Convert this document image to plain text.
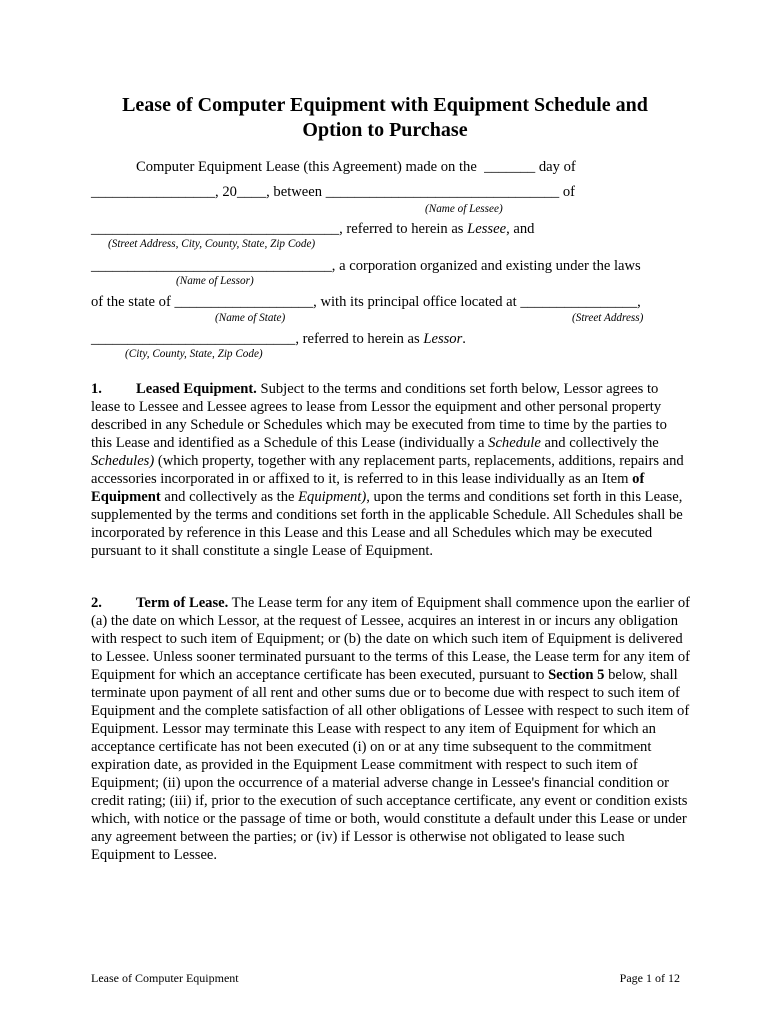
Lease of Computer Equipment with Equipment Schedule and
Option to Purchase
Computer Equipment Lease (this Agreement) made on the _______ day of
_________________, 20____, between ________________________________ of
(Name of Lessee)
__________________________________, referred to herein as Lessee, and
(Street Address, City, County, State, Zip Code)
_________________________________, a corporation organized and existing under the laws
(Name of Lessor)
of the state of ___________________, with its principal office located at ________________,
(Name of State)	(Street Address)
____________________________, referred to herein as Lessor.
(City, County, State, Zip Code)

1. Leased Equipment. Subject to the terms and conditions set forth below, Lessor agrees to lease to Lessee and Lessee agrees to lease from Lessor the equipment and other personal property described in any Schedule or Schedules which may be executed from time to time by the parties to this Lease and identified as a Schedule of this Lease (individually a Schedule and collectively the Schedules) (which property, together with any replacement parts, replacements, additions, repairs and accessories incorporated in or affixed to it, is referred to in this lease individually as an Item of Equipment and collectively as the Equipment), upon the terms and conditions set forth in this Lease, supplemented by the terms and conditions set forth in the applicable Schedule. All Schedules shall be incorporated by reference in this Lease and this Lease and all Schedules which may be executed pursuant to it shall constitute a single Lease of Equipment.

2. Term of Lease. The Lease term for any item of Equipment shall commence upon the earlier of (a) the date on which Lessor, at the request of Lessee, acquires an interest in or incurs any obligation with respect to such item of Equipment; or (b) the date on which such item of Equipment is delivered to Lessee. Unless sooner terminated pursuant to the terms of this Lease, the Lease term for any item of Equipment for which an acceptance certificate has been executed, pursuant to Section 5 below, shall terminate upon payment of all rent and other sums due or to become due with respect to such item of Equipment and the complete satisfaction of all other obligations of Lessee with respect to such item of Equipment. Lessor may terminate this Lease with respect to any item of Equipment for which an acceptance certificate has not been executed (i) on or at any time subsequent to the commitment expiration date, as provided in the Equipment Lease commitment with respect to such item of Equipment; (ii) upon the occurrence of a material adverse change in Lessee's financial condition or credit rating; (iii) if, prior to the execution of such acceptance certificate, any event or condition exists which, with notice or the passage of time or both, would constitute a default under this Lease or under any agreement between the parties; or (iv) if Lessor is otherwise not obligated to lease such Equipment to Lessee.

Lease of Computer Equipment	Page 1 of 12
